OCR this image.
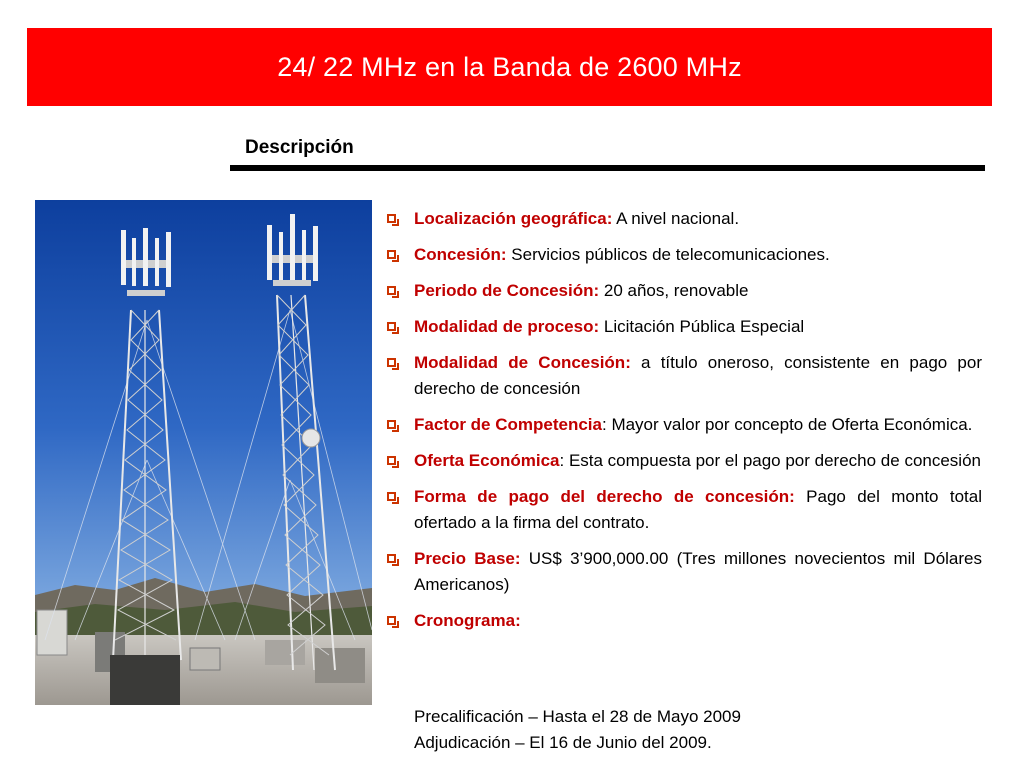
24/ 22 MHz en la Banda de 2600 MHz
Descripción
Localización geográfica: A nivel nacional.
Concesión: Servicios públicos de telecomunicaciones.
Periodo de Concesión: 20 años, renovable
Modalidad de proceso: Licitación Pública Especial
Modalidad de Concesión: a título oneroso, consistente en pago por derecho de concesión
Factor de Competencia: Mayor valor por concepto de Oferta Económica.
Oferta Económica: Esta compuesta por el pago por derecho de concesión
Forma de pago del derecho de concesión: Pago del monto total ofertado a la firma del contrato.
Precio Base: US$ 3’900,000.00 (Tres millones novecientos mil Dólares Americanos)
Cronograma:
Precalificación – Hasta el 28 de Mayo 2009
Adjudicación – El 16 de Junio del 2009.
